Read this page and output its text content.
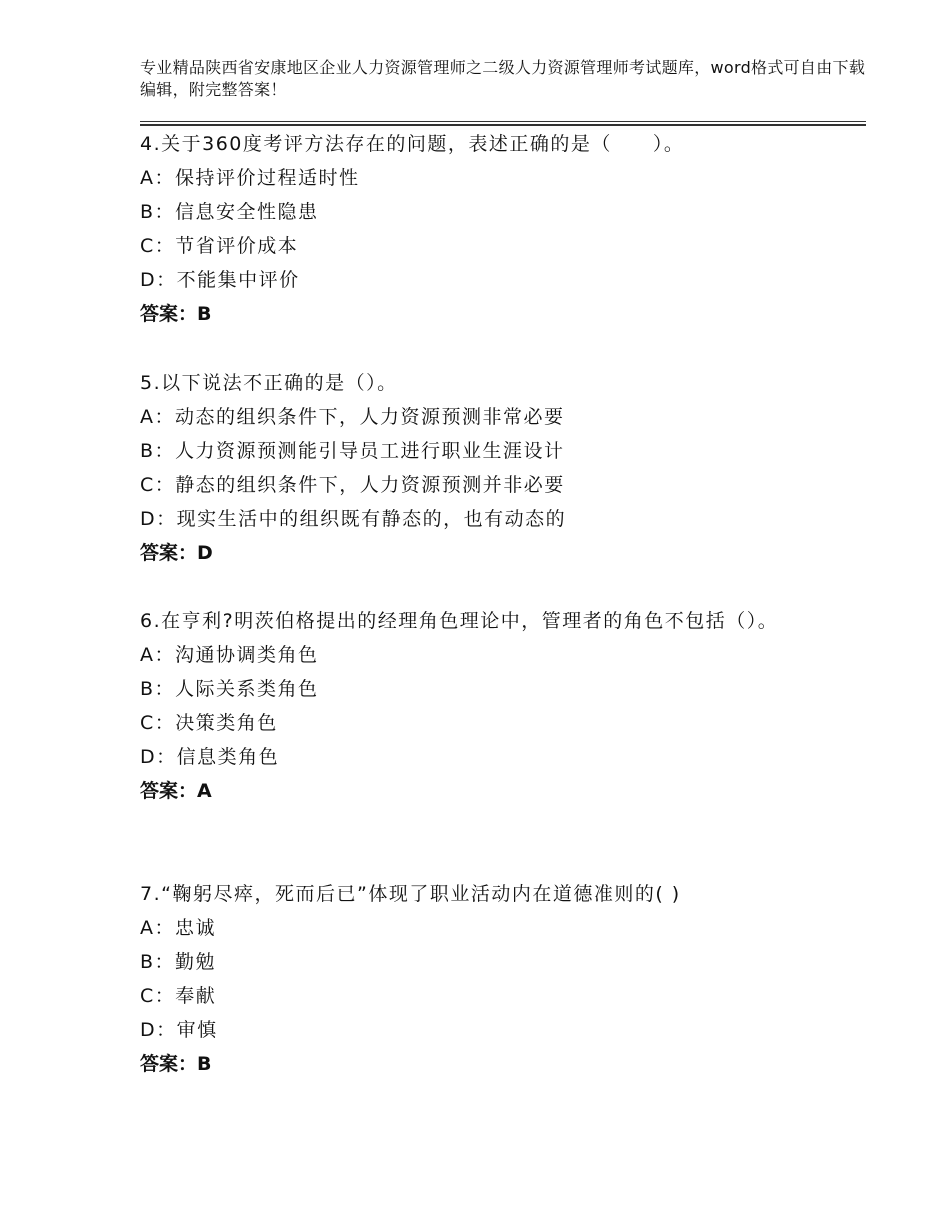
专业精品陕西省安康地区企业人力资源管理师之二级人力资源管理师考试题库，word格式可自由下载编辑，附完整答案！
4.关于360度考评方法存在的问题，表述正确的是（　　）。
A：保持评价过程适时性
B：信息安全性隐患
C：节省评价成本
D：不能集中评价
答案：B
5.以下说法不正确的是（）。
A：动态的组织条件下，人力资源预测非常必要
B：人力资源预测能引导员工进行职业生涯设计
C：静态的组织条件下，人力资源预测并非必要
D：现实生活中的组织既有静态的，也有动态的
答案：D
6.在亨利?明茨伯格提出的经理角色理论中，管理者的角色不包括（）。
A：沟通协调类角色
B：人际关系类角色
C：决策类角色
D：信息类角色
答案：A
7.“鞠躬尽瘁，死而后已”体现了职业活动内在道德准则的( )
A：忠诚
B：勤勉
C：奉献
D：审慎
答案：B
